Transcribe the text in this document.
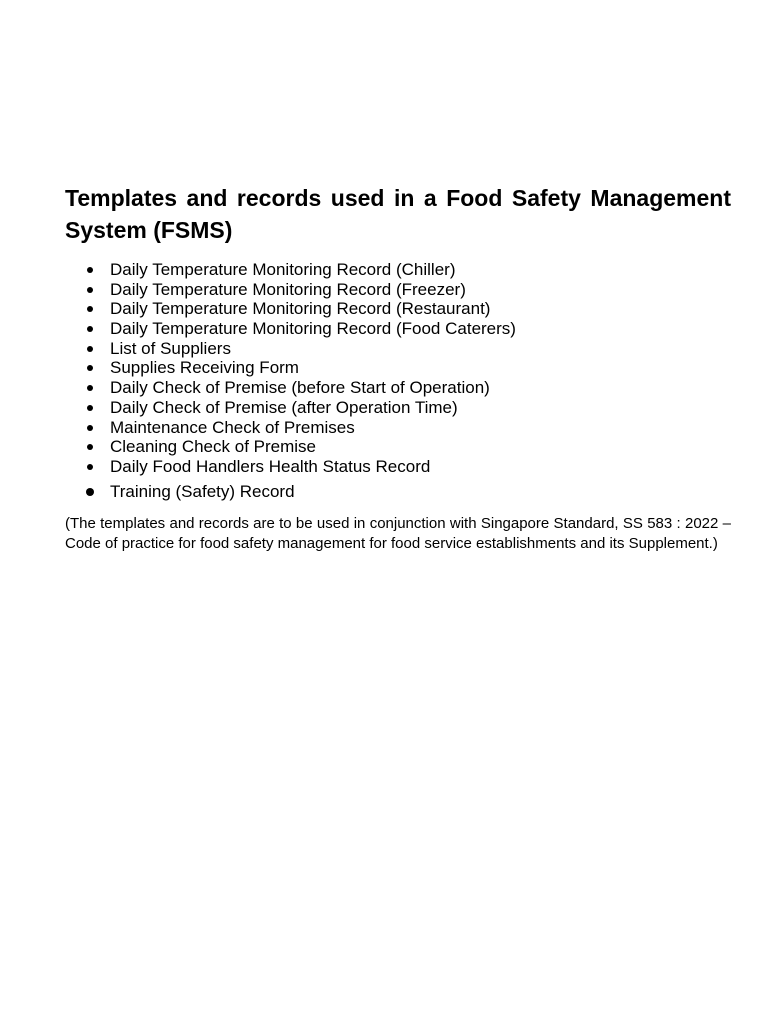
Templates and records used in a Food Safety Management System (FSMS)
Daily Temperature Monitoring Record (Chiller)
Daily Temperature Monitoring Record (Freezer)
Daily Temperature Monitoring Record (Restaurant)
Daily Temperature Monitoring Record (Food Caterers)
List of Suppliers
Supplies Receiving Form
Daily Check of Premise (before Start of Operation)
Daily Check of Premise (after Operation Time)
Maintenance Check of Premises
Cleaning Check of Premise
Daily Food Handlers Health Status Record
Training (Safety) Record

(The templates and records are to be used in conjunction with Singapore Standard, SS 583 : 2022 – Code of practice for food safety management for food service establishments and its Supplement.)
